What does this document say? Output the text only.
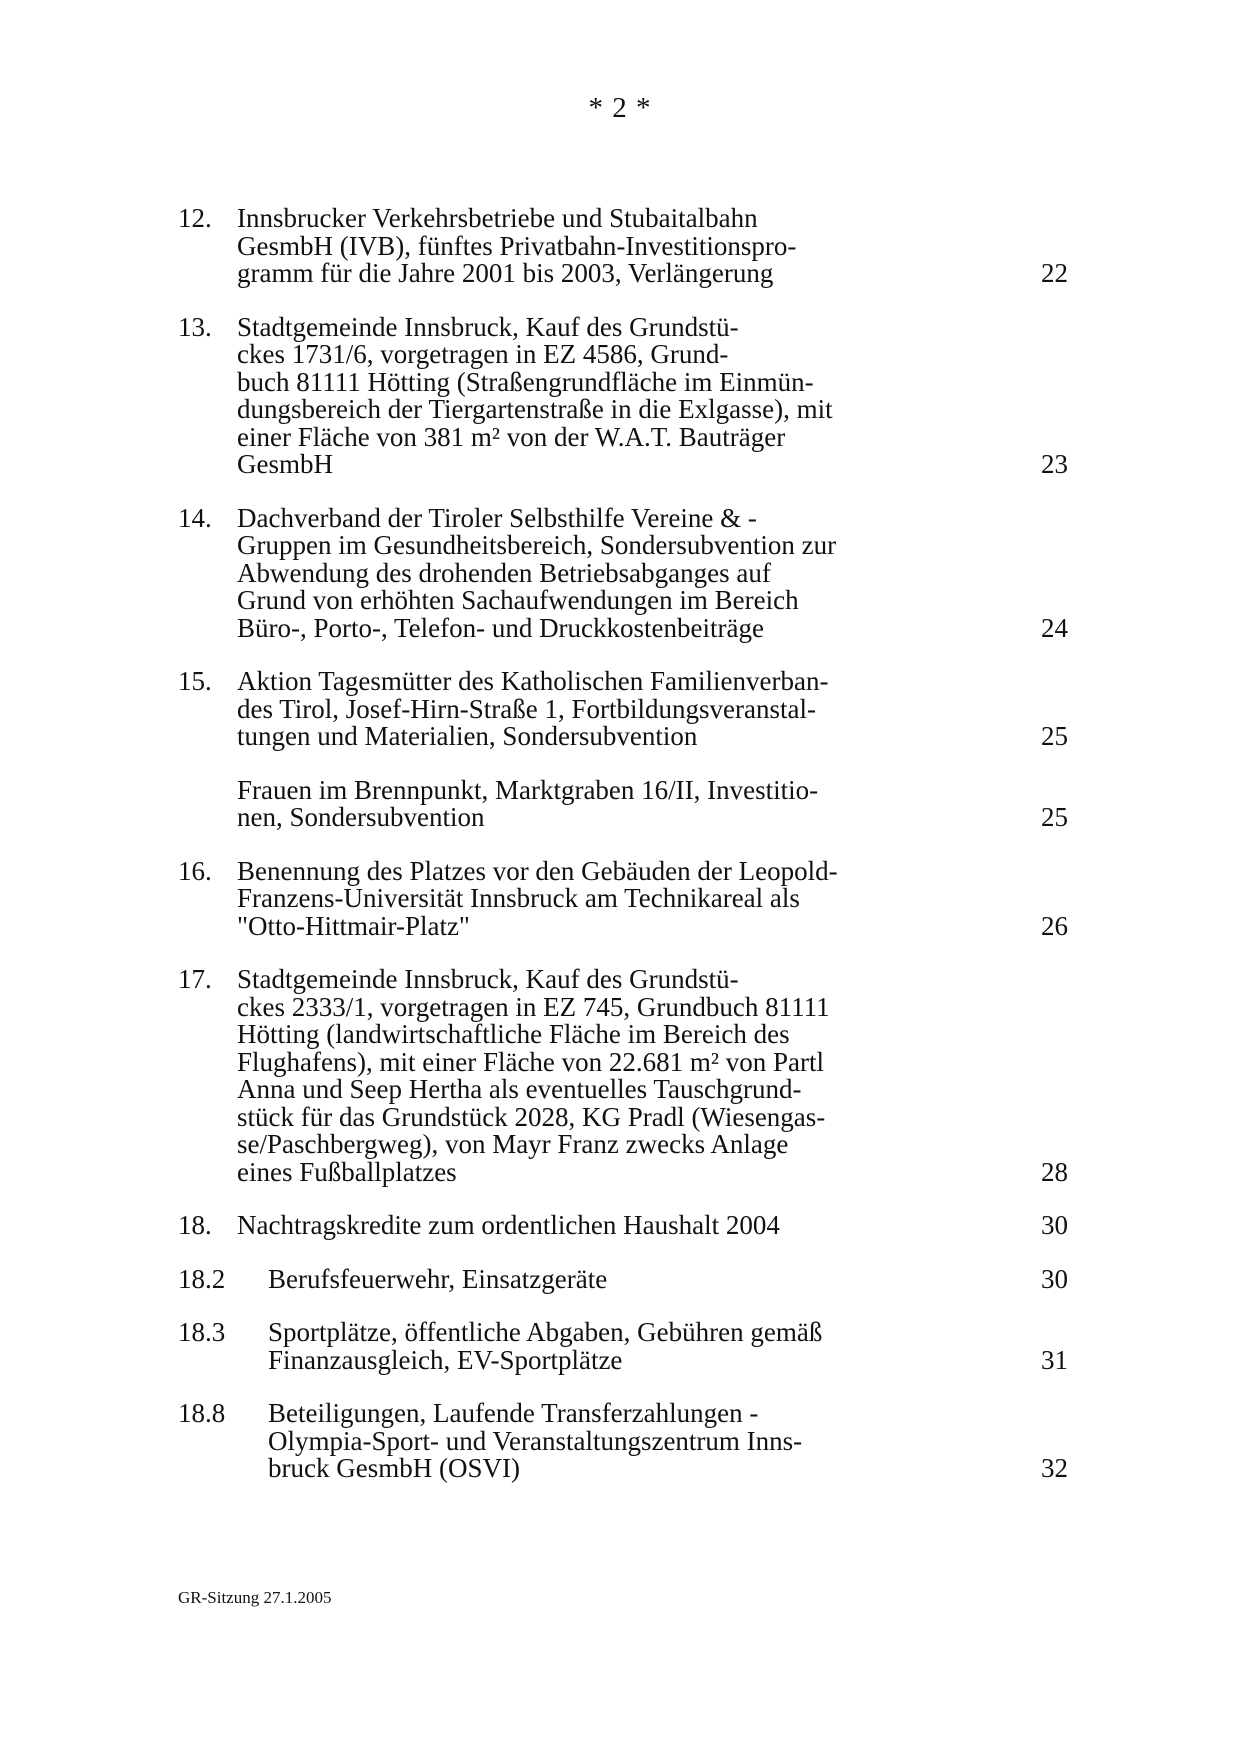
* 2 *
12. Innsbrucker Verkehrsbetriebe und Stubaitalbahn
GesmbH (IVB), fünftes Privatbahn-Investitionspro-
gramm für die Jahre 2001 bis 2003, Verlängerung	22
13. Stadtgemeinde Innsbruck, Kauf des Grundstü-
ckes 1731/6, vorgetragen in EZ 4586, Grund-
buch 81111 Hötting (Straßengrundfläche im Einmün-
dungsbereich der Tiergartenstraße in die Exlgasse), mit
einer Fläche von 381 m² von der W.A.T. Bauträger
GesmbH	23
14. Dachverband der Tiroler Selbsthilfe Vereine & -
Gruppen im Gesundheitsbereich, Sondersubvention zur
Abwendung des drohenden Betriebsabganges auf
Grund von erhöhten Sachaufwendungen im Bereich
Büro-, Porto-, Telefon- und Druckkostenbeiträge	24
15. Aktion Tagesmütter des Katholischen Familienverban-
des Tirol, Josef-Hirn-Straße 1, Fortbildungsveranstal-
tungen und Materialien, Sondersubvention	25
Frauen im Brennpunkt, Marktgraben 16/II, Investitio-
nen, Sondersubvention	25
16. Benennung des Platzes vor den Gebäuden der Leopold-
Franzens-Universität Innsbruck am Technikareal als
"Otto-Hittmair-Platz"	26
17. Stadtgemeinde Innsbruck, Kauf des Grundstü-
ckes 2333/1, vorgetragen in EZ 745, Grundbuch 81111
Hötting (landwirtschaftliche Fläche im Bereich des
Flughafens), mit einer Fläche von 22.681 m² von Partl
Anna und Seep Hertha als eventuelles Tauschgrund-
stück für das Grundstück 2028, KG Pradl (Wiesengas-
se/Paschbergweg), von Mayr Franz zwecks Anlage
eines Fußballplatzes	28
18. Nachtragskredite zum ordentlichen Haushalt 2004	30
18.2 Berufsfeuerwehr, Einsatzgeräte	30
18.3 Sportplätze, öffentliche Abgaben, Gebühren gemäß
Finanzausgleich, EV-Sportplätze	31
18.8 Beteiligungen, Laufende Transferzahlungen -
Olympia-Sport- und Veranstaltungszentrum Inns-
bruck GesmbH (OSVI)	32
GR-Sitzung 27.1.2005
